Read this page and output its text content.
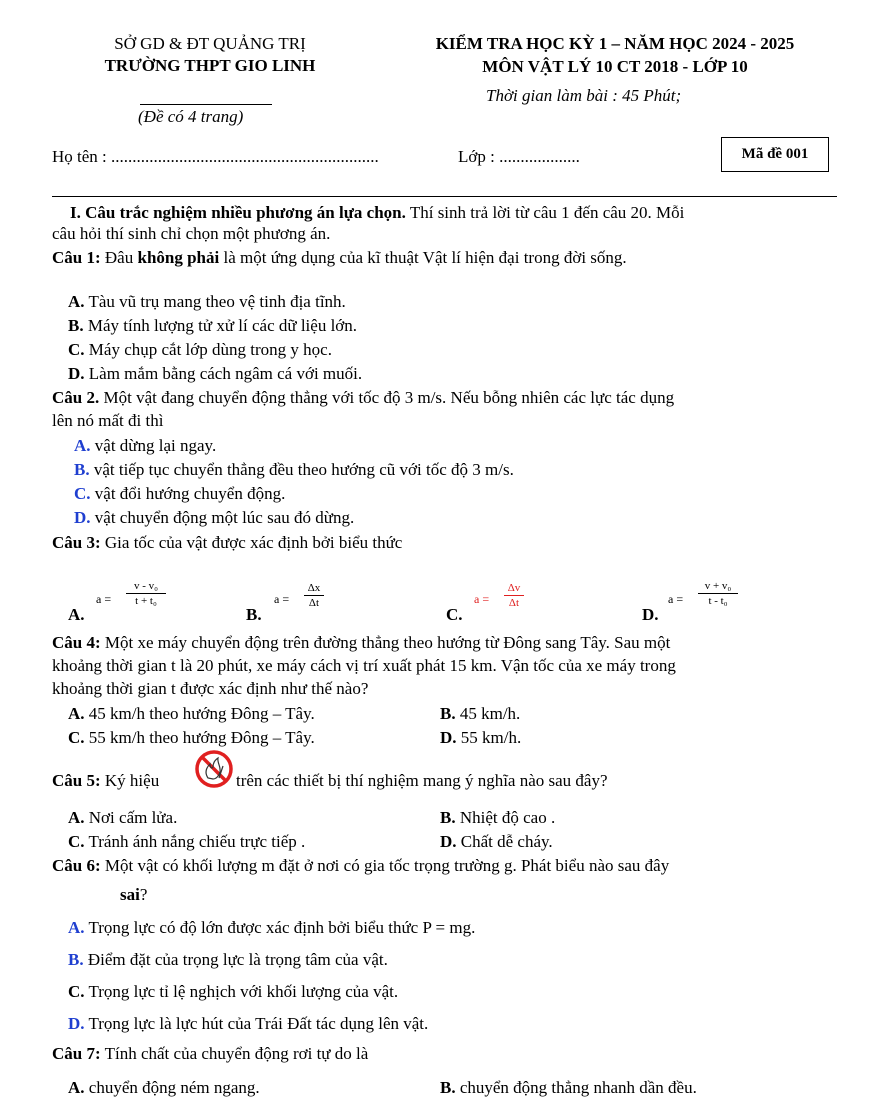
SỞ GD & ĐT QUẢNG TRỊ
TRƯỜNG THPT GIO LINH
(Đề có 4 trang)
KIỂM TRA HỌC KỲ 1 – NĂM HỌC 2024 - 2025
MÔN VẬT LÝ 10 CT 2018 - LỚP 10
Thời gian làm bài : 45 Phút;
Họ tên : ...............................................................	Lớp : ...................	Mã đề 001
I. Câu trắc nghiệm nhiều phương án lựa chọn. Thí sinh trả lời từ câu 1 đến câu 20. Mỗi
câu hỏi thí sinh chỉ chọn một phương án.
Câu 1: Đâu không phải là một ứng dụng của kĩ thuật Vật lí hiện đại trong đời sống.
A. Tàu vũ trụ mang theo vệ tinh địa tĩnh.
B. Máy tính lượng tử xử lí các dữ liệu lớn.
C. Máy chụp cắt lớp dùng trong y học.
D. Làm mắm bằng cách ngâm cá với muối.
Câu 2. Một vật đang chuyển động thẳng với tốc độ 3 m/s. Nếu bỗng nhiên các lực tác dụng
lên nó mất đi thì
A. vật dừng lại ngay.
B. vật tiếp tục chuyển thẳng đều theo hướng cũ với tốc độ 3 m/s.
C. vật đổi hướng chuyển động.
D. vật chuyển động một lúc sau đó dừng.
Câu 3: Gia tốc của vật được xác định bởi biểu thức
A.
a =
v - v₀
t + t₀
B.
a =
Δx
Δt
C.
a =
Δv
Δt
D.
a =
v + v₀
t - t₀
Câu 4: Một xe máy chuyển động trên đường thẳng theo hướng từ Đông sang Tây. Sau một
khoảng thời gian t là 20 phút, xe máy cách vị trí xuất phát 15 km. Vận tốc của xe máy trong
khoảng thời gian t được xác định như thế nào?
A. 45 km/h theo hướng Đông – Tây.	B. 45 km/h.
C. 55 km/h theo hướng Đông – Tây.	D. 55 km/h.
Câu 5: Ký hiệu	trên các thiết bị thí nghiệm mang ý nghĩa nào sau đây?
A. Nơi cấm lửa.	B. Nhiệt độ cao .
C. Tránh ánh nắng chiếu trực tiếp .	D. Chất dễ cháy.
Câu 6: Một vật có khối lượng m đặt ở nơi có gia tốc trọng trường g. Phát biểu nào sau đây
sai?
A. Trọng lực có độ lớn được xác định bởi biểu thức P = mg.
B. Điểm đặt của trọng lực là trọng tâm của vật.
C. Trọng lực tỉ lệ nghịch với khối lượng của vật.
D. Trọng lực là lực hút của Trái Đất tác dụng lên vật.
Câu 7: Tính chất của chuyển động rơi tự do là
A. chuyển động ném ngang.	B. chuyển động thẳng nhanh dần đều.
